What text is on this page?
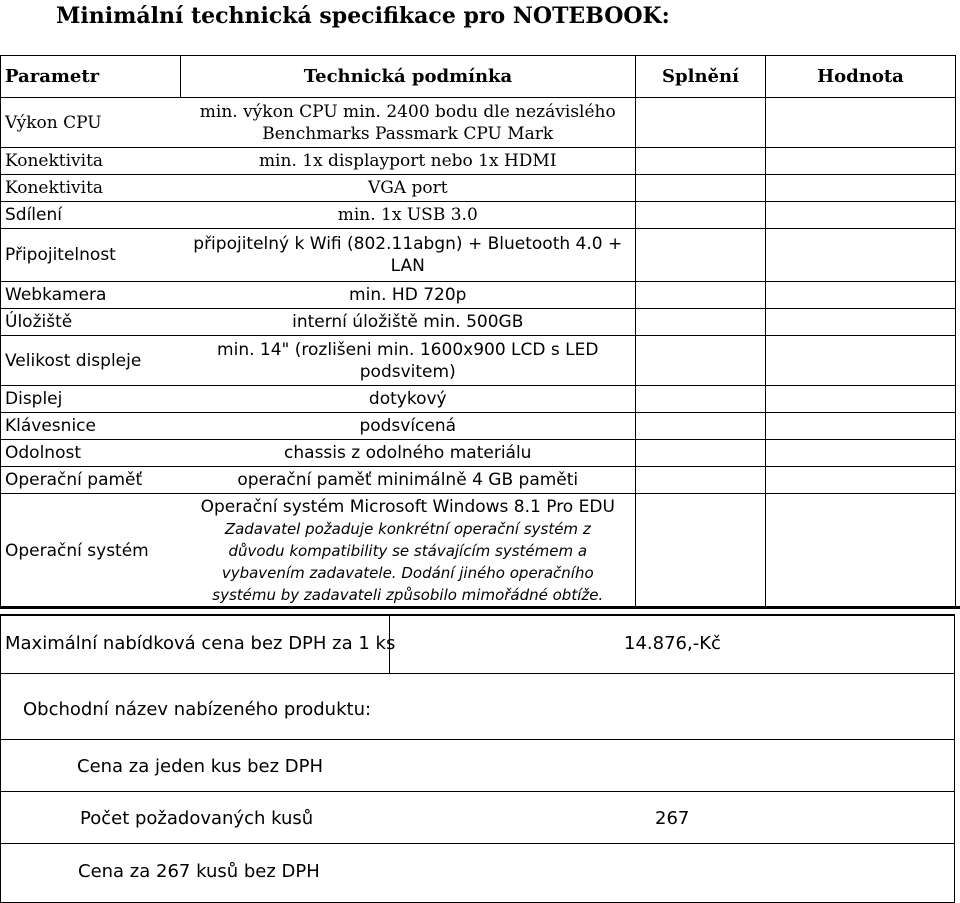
Minimální technická specifikace pro NOTEBOOK:
Parametr	Technická podmínka	Splnění	Hodnota
Výkon CPU	min. výkon CPU min. 2400 bodu dle nezávislého Benchmarks Passmark CPU Mark		
Konektivita	min. 1x displayport nebo 1x HDMI		
Konektivita	VGA port		
Sdílení	min. 1x USB 3.0		
Připojitelnost	připojitelný k Wifi (802.11abgn) + Bluetooth 4.0 + LAN		
Webkamera	min. HD 720p		
Úložiště	interní úložiště min. 500GB		
Velikost displeje	min. 14" (rozlišeni min. 1600x900 LCD s LED podsvitem)		
Displej	dotykový		
Klávesnice	podsvícená		
Odolnost	chassis z odolného materiálu		
Operační paměť	operační paměť minimálně 4 GB paměti		
Operační systém	Operační systém Microsoft Windows 8.1 Pro EDU
Zadavatel požaduje konkrétní operační systém z důvodu kompatibility se stávajícím systémem a vybavením zadavatele. Dodání jiného operačního systému by zadavateli způsobilo mimořádné obtíže.		

Maximální nabídková cena bez DPH za 1 ks	14.876,-Kč
Obchodní název nabízeného produktu:
Cena za jeden kus bez DPH
Počet požadovaných kusů	267
Cena za 267 kusů bez DPH
